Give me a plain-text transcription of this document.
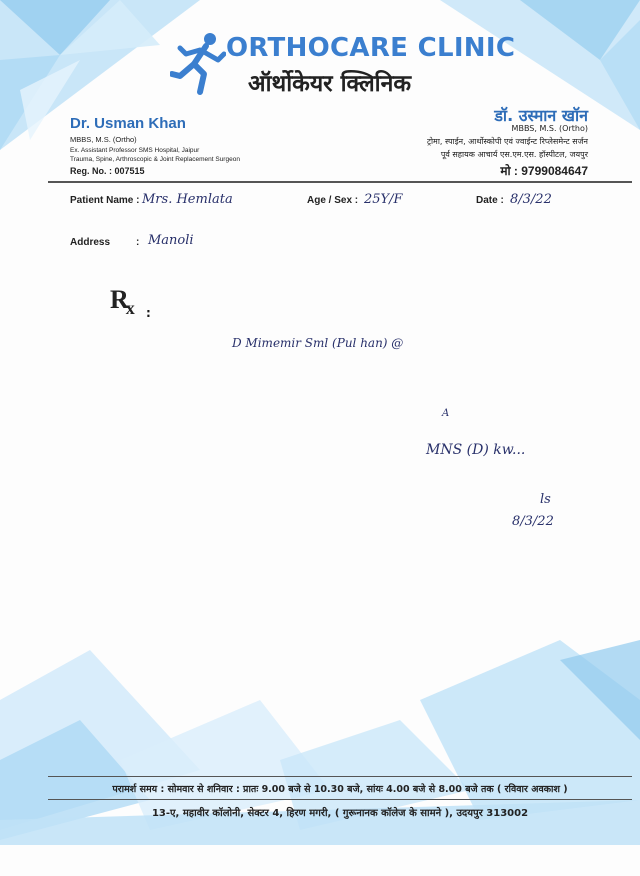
ORTHOCARE CLINIC
ऑर्थोकेयर क्लिनिक
Dr. Usman Khan
MBBS, M.S. (Ortho)
Ex. Assistant Professor SMS Hospital, Jaipur
Trauma, Spine, Arthroscopic & Joint Replacement Surgeon
Reg. No. : 007515
डॉ. उस्मान खॉन
MBBS, M.S. (Ortho)
ट्रोमा, स्पाईन, आर्थोस्कोपी एवं ज्वाईन्ट रिप्लेसमेन्ट सर्जन
पूर्व सहायक आचार्य एस.एम.एस. हॉस्पीटल, जयपुर
मो : 9799084647
Patient Name : Mrs. Hemlata	Age / Sex : 25Y/F	Date : 8/3/22
Address	: Manoli
$R_x$ :
D Mimemir Sml (Pul han) @
A
MNS (D) kw...
ls
8/3/22
परामर्श समय : सोमवार से शनिवार : प्रातः 9.00 बजे से 10.30 बजे, सांयः 4.00 बजे से 8.00 बजे तक ( रविवार अवकाश )
13-ए, महावीर कॉलोनी, सेक्टर 4, हिरण मगरी, ( गुरूनानक कॉलेज के सामने ), उदयपुर 313002
